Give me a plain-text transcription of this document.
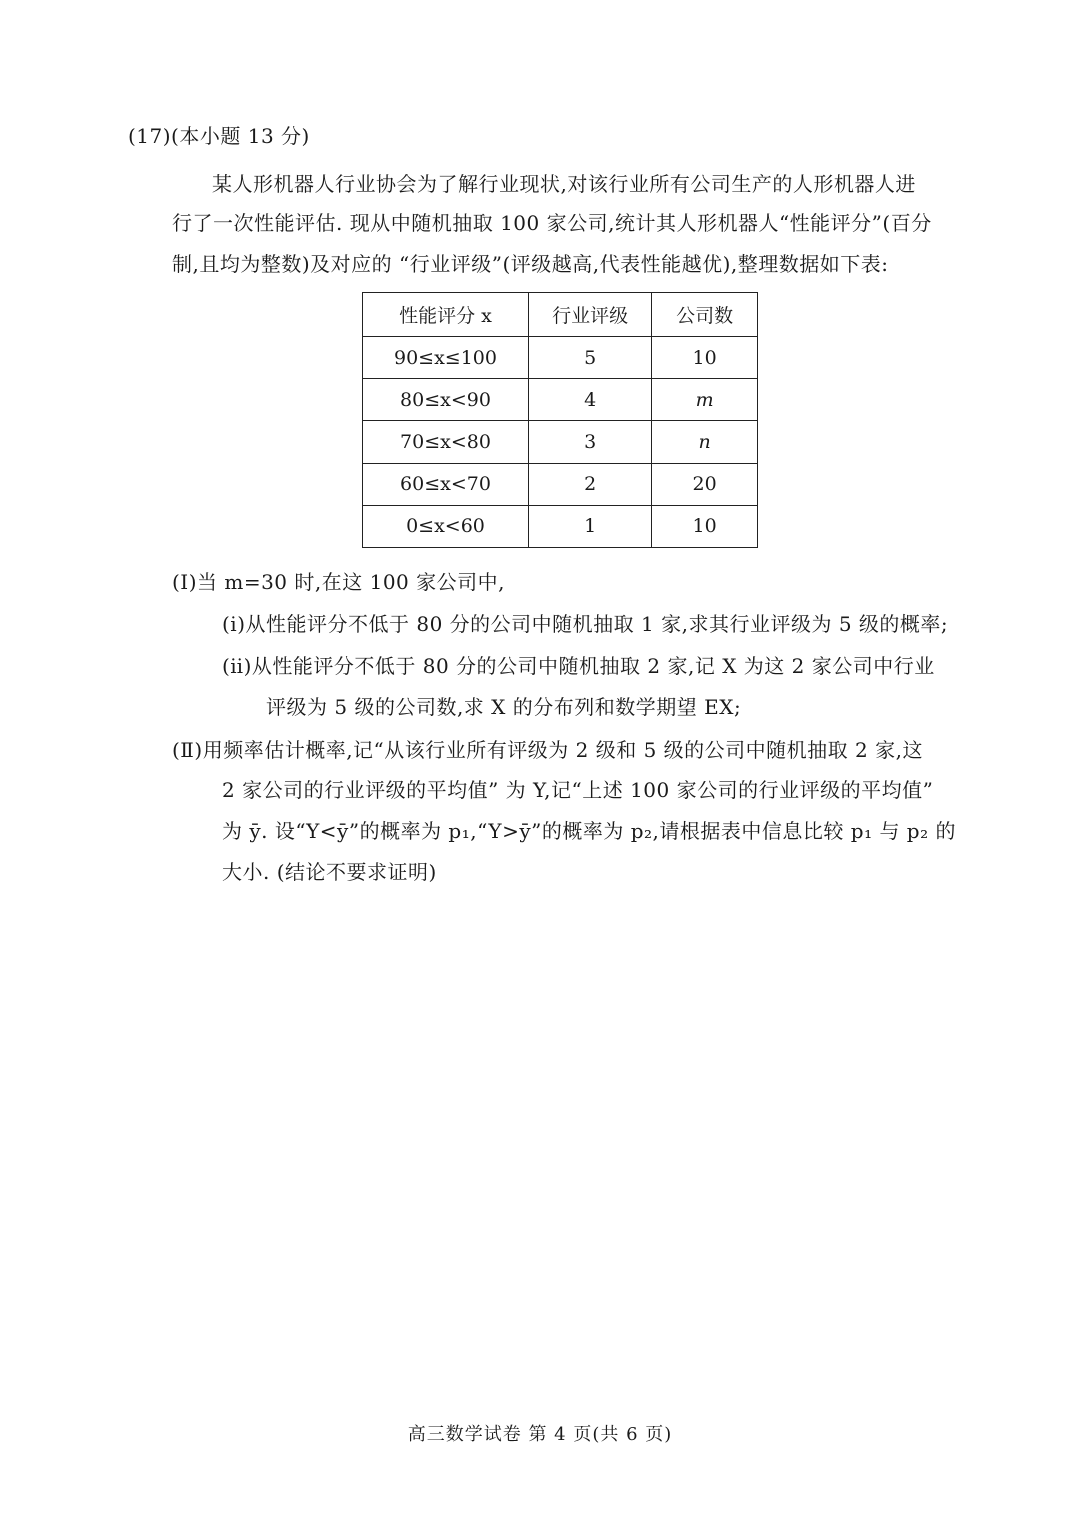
(17)(本小题 13 分)
某人形机器人行业协会为了解行业现状,对该行业所有公司生产的人形机器人进
行了一次性能评估. 现从中随机抽取 100 家公司,统计其人形机器人“性能评分”(百分
制,且均为整数)及对应的 “行业评级”(评级越高,代表性能越优),整理数据如下表:
性能评分 x	行业评级	公司数
90≤x≤100	5	10
80≤x<90	4	m
70≤x<80	3	n
60≤x<70	2	20
0≤x<60	1	10
(Ⅰ)当 m=30 时,在这 100 家公司中,
(ⅰ)从性能评分不低于 80 分的公司中随机抽取 1 家,求其行业评级为 5 级的概率;
(ⅱ)从性能评分不低于 80 分的公司中随机抽取 2 家,记 X 为这 2 家公司中行业
评级为 5 级的公司数,求 X 的分布列和数学期望 EX;
(Ⅱ)用频率估计概率,记“从该行业所有评级为 2 级和 5 级的公司中随机抽取 2 家,这
2 家公司的行业评级的平均值” 为 Y,记“上述 100 家公司的行业评级的平均值”
为 ȳ. 设“Y<ȳ”的概率为 p₁,“Y>ȳ”的概率为 p₂,请根据表中信息比较 p₁ 与 p₂ 的
大小. (结论不要求证明)
高三数学试卷 第 4 页(共 6 页)
